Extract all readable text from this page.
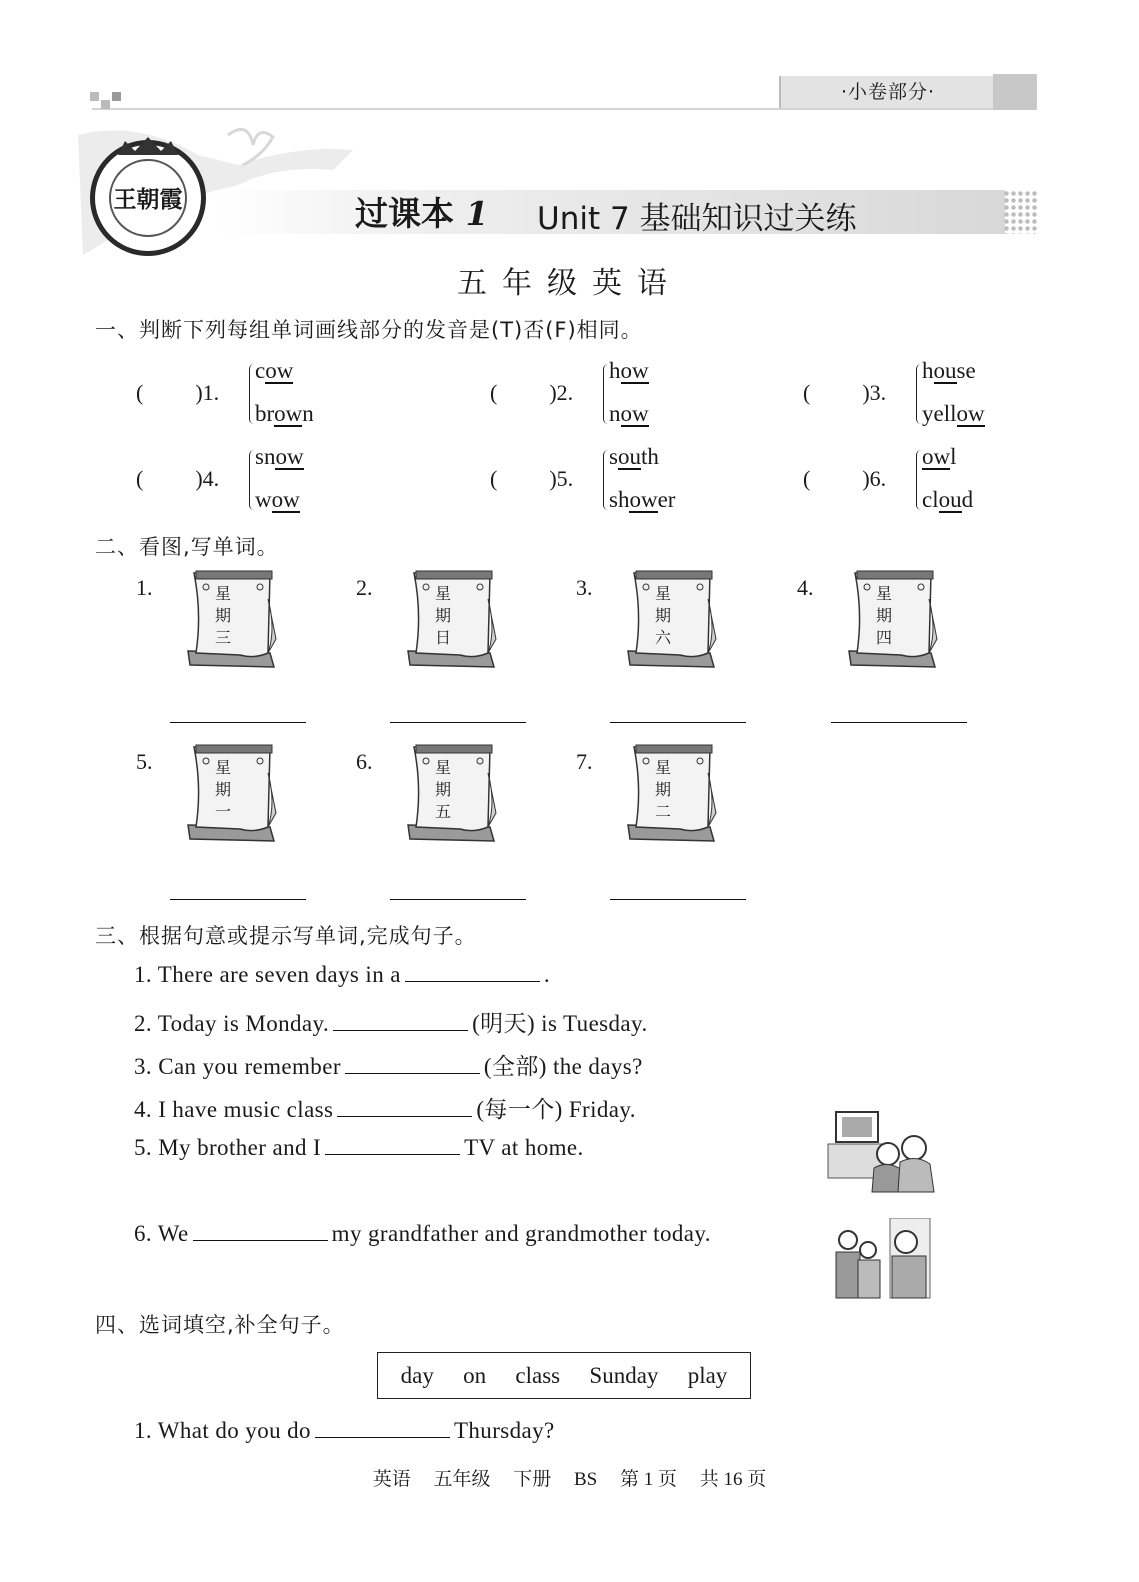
·小卷部分·
过课本 1 Unit 7 基础知识过关练
王朝霞
五年级英语
一、判断下列每组单词画线部分的发音是(T)否(F)相同。
( )1.
cow
brown
( )2.
how
now
( )3.
house
yellow
( )4.
snow
wow
( )5.
south
shower
( )6.
owl
cloud
二、看图,写单词。
1.	星
期
三
2.	星
期
日
3.	星
期
六
4.	星
期
四
5.	星
期
一
6.	星
期
五
7.	星
期
二
三、根据句意或提示写单词,完成句子。
1. There are seven days in a	.
2. Today is Monday.	(明天) is Tuesday.
3. Can you remember	(全部) the days?
4. I have music class	(每一个) Friday.
5. My brother and I	TV at home.
6. We	my grandfather and grandmother today.
四、选词填空,补全句子。
day on class Sunday play
1. What do you do	Thursday?
英语 五年级 下册 BS 第 1 页 共 16 页
